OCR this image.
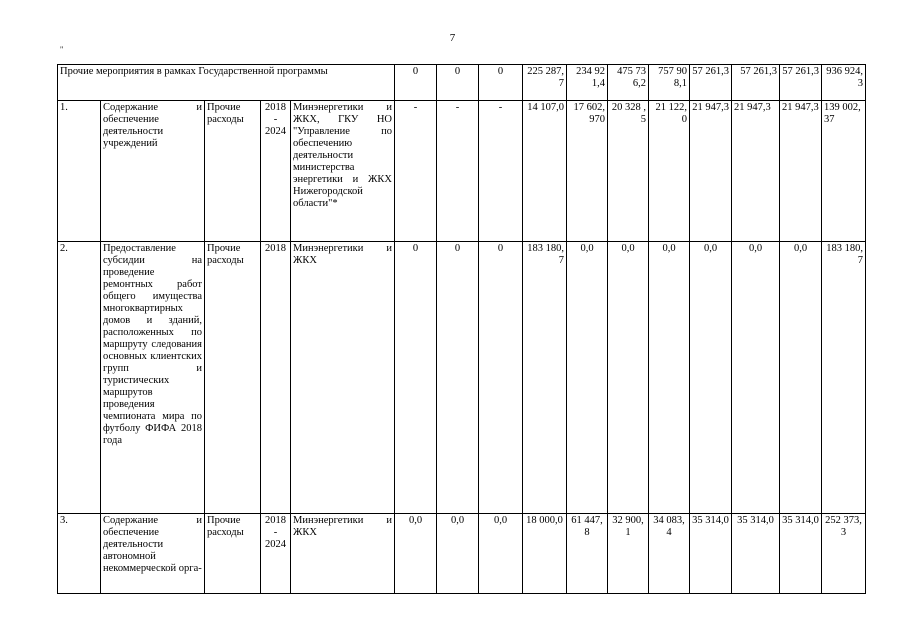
7
"
Прочие мероприятия в рамках Государственной программы					0	0	0	225 287,7	234 921,4	475 736,2	757 908,1	57 261,3	57 261,3	57 261,3	936 924,3
1.	Содержание и обеспечение деятельности учреждений	Прочие расходы	2018 - 2024	Минэнергетики и ЖКХ, ГКУ НО "Управление по обеспечению деятельности министерства энергетики и ЖКХ Нижегородской области"*	-	-	-	14 107,0	17 602, 970	20 328 ,5	21 122,0	21 947,3	21 947,3	21 947,3	139 002,37
2.	Предоставление субсидии на проведение ремонтных работ общего имущества многоквартирных домов и зданий, расположенных по маршруту следования основных клиентских групп и туристических маршрутов проведения чемпионата мира по футболу ФИФА 2018 года	Прочие расходы	2018	Минэнергетики и ЖКХ	0	0	0	183 180,7	0,0	0,0	0,0	0,0	0,0	0,0	183 180,7
3.	Содержание и обеспечение деятельности автономной некоммерческой орга-	Прочие расходы	2018 - 2024	Минэнергетики и ЖКХ	0,0	0,0	0,0	18 000,0	61 447,8	32 900,1	34 083,4	35 314,0	35 314,0	35 314,0	252 373,3
